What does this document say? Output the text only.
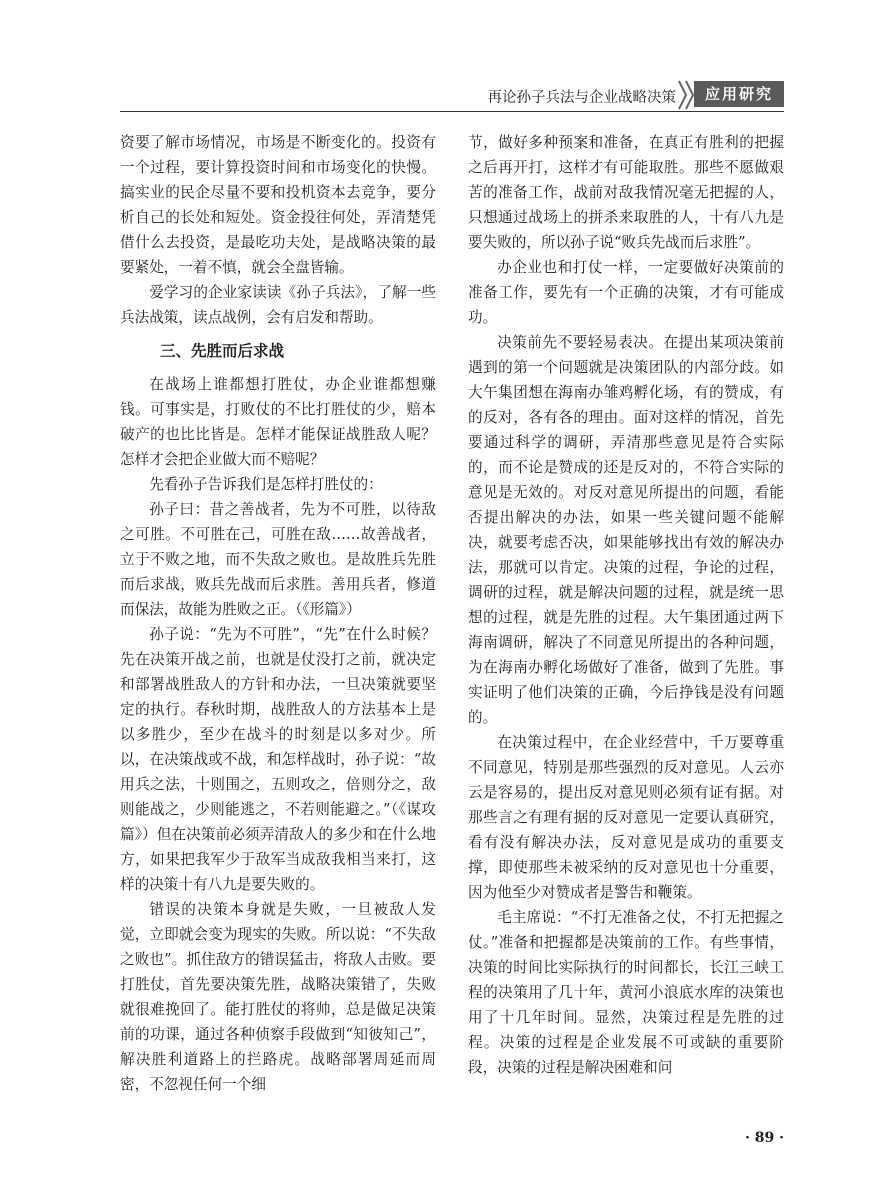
再论孙子兵法与企业战略决策	应用研究

资要了解市场情况，市场是不断变化的。投资有一个过程，要计算投资时间和市场变化的快慢。搞实业的民企尽量不要和投机资本去竞争，要分析自己的长处和短处。资金投往何处，弄清楚凭借什么去投资，是最吃功夫处，是战略决策的最要紧处，一着不慎，就会全盘皆输。

爱学习的企业家读读《孙子兵法》，了解一些兵法战策，读点战例，会有启发和帮助。

三、先胜而后求战

在战场上谁都想打胜仗，办企业谁都想赚钱。可事实是，打败仗的不比打胜仗的少，赔本破产的也比比皆是。怎样才能保证战胜敌人呢？怎样才会把企业做大而不赔呢？

先看孙子告诉我们是怎样打胜仗的：

孙子曰：昔之善战者，先为不可胜，以待敌之可胜。不可胜在己，可胜在敌……故善战者，立于不败之地，而不失敌之败也。是故胜兵先胜而后求战，败兵先战而后求胜。善用兵者，修道而保法，故能为胜败之正。（《形篇》）

孙子说：“先为不可胜”，“先”在什么时候？先在决策开战之前，也就是仗没打之前，就决定和部署战胜敌人的方针和办法，一旦决策就要坚定的执行。春秋时期，战胜敌人的方法基本上是以多胜少，至少在战斗的时刻是以多对少。所以，在决策战或不战，和怎样战时，孙子说：“故用兵之法，十则围之，五则攻之，倍则分之，敌则能战之，少则能逃之，不若则能避之。”（《谋攻篇》）但在决策前必须弄清敌人的多少和在什么地方，如果把我军少于敌军当成敌我相当来打，这样的决策十有八九是要失败的。

错误的决策本身就是失败，一旦被敌人发觉，立即就会变为现实的失败。所以说：“不失敌之败也”。抓住敌方的错误猛击，将敌人击败。要打胜仗，首先要决策先胜，战略决策错了，失败就很难挽回了。能打胜仗的将帅，总是做足决策前的功课，通过各种侦察手段做到“知彼知己”，解决胜利道路上的拦路虎。战略部署周延而周密，不忽视任何一个细

节，做好多种预案和准备，在真正有胜利的把握之后再开打，这样才有可能取胜。那些不愿做艰苦的准备工作，战前对敌我情况毫无把握的人，只想通过战场上的拼杀来取胜的人，十有八九是要失败的，所以孙子说“败兵先战而后求胜”。

办企业也和打仗一样，一定要做好决策前的准备工作，要先有一个正确的决策，才有可能成功。

决策前先不要轻易表决。在提出某项决策前遇到的第一个问题就是决策团队的内部分歧。如大午集团想在海南办雏鸡孵化场，有的赞成，有的反对，各有各的理由。面对这样的情况，首先要通过科学的调研，弄清那些意见是符合实际的，而不论是赞成的还是反对的，不符合实际的意见是无效的。对反对意见所提出的问题，看能否提出解决的办法，如果一些关键问题不能解决，就要考虑否决，如果能够找出有效的解决办法，那就可以肯定。决策的过程，争论的过程，调研的过程，就是解决问题的过程，就是统一思想的过程，就是先胜的过程。大午集团通过两下海南调研，解决了不同意见所提出的各种问题，为在海南办孵化场做好了准备，做到了先胜。事实证明了他们决策的正确，今后挣钱是没有问题的。

在决策过程中，在企业经营中，千万要尊重不同意见，特别是那些强烈的反对意见。人云亦云是容易的，提出反对意见则必须有证有据。对那些言之有理有据的反对意见一定要认真研究，看有没有解决办法，反对意见是成功的重要支撑，即使那些未被采纳的反对意见也十分重要，因为他至少对赞成者是警告和鞭策。

毛主席说：“不打无准备之仗，不打无把握之仗。”准备和把握都是决策前的工作。有些事情，决策的时间比实际执行的时间都长，长江三峡工程的决策用了几十年，黄河小浪底水库的决策也用了十几年时间。显然，决策过程是先胜的过程。决策的过程是企业发展不可或缺的重要阶段，决策的过程是解决困难和问

· 89 ·
